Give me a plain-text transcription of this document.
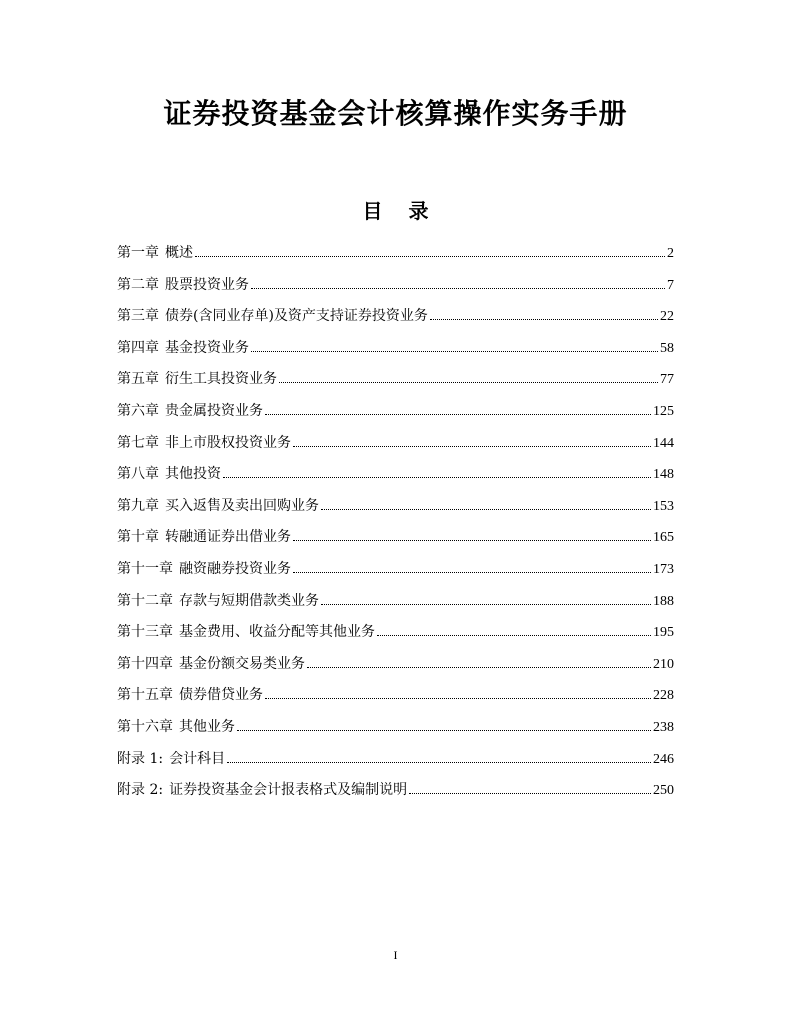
证券投资基金会计核算操作实务手册
目 录
第一章 概述	2
第二章 股票投资业务	7
第三章 债券(含同业存单)及资产支持证券投资业务	22
第四章 基金投资业务	58
第五章 衍生工具投资业务	77
第六章 贵金属投资业务	125
第七章 非上市股权投资业务	144
第八章 其他投资	148
第九章 买入返售及卖出回购业务	153
第十章 转融通证券出借业务	165
第十一章 融资融券投资业务	173
第十二章 存款与短期借款类业务	188
第十三章 基金费用、收益分配等其他业务	195
第十四章 基金份额交易类业务	210
第十五章 债券借贷业务	228
第十六章 其他业务	238
附录 1: 会计科目	246
附录 2: 证券投资基金会计报表格式及编制说明	250
I
